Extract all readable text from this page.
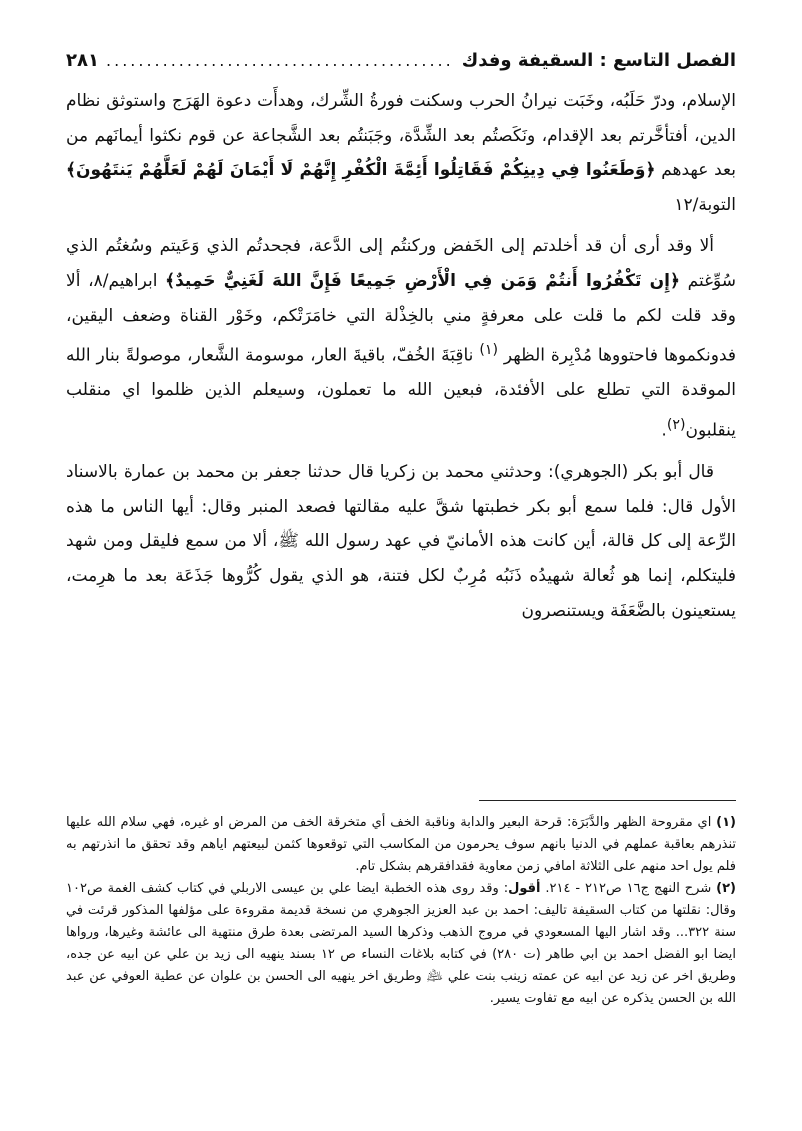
الفصل التاسع : السقيفة وفدك
.....
٢٨١

الإسلام، ودرّ حَلَبُه، وخَبَت نيرانُ الحرب وسكنت فورةُ الشِّرك، وهدأَت دعوة الهَرَج واستوثق نظام الدين، أفتأخَّرتم بعد الإقدام، ونَكَصتُم بعد الشِّدَّة، وجَبَنتُم بعد الشَّجاعة عن قوم نكثوا أيمانَهم من بعد عهدهم ﴿وَطَعَنُوا فِي دِينِكُمْ فَقَاتِلُوا أَئِمَّةَ الْكُفْرِ إِنَّهُمْ لَا أَيْمَانَ لَهُمْ لَعَلَّهُمْ يَنتَهُونَ﴾ التوبة/١٢

ألا وقد أرى أن قد أخلدتم إلى الخَفض وركنتُم إلى الدَّعة، فجحدتُم الذي وَعَيتم وسُغتُم الذي سُوِّغتم ﴿إِن تَكْفُرُوا أَنتُمْ وَمَن فِي الْأَرْضِ جَمِيعًا فَإِنَّ اللهَ لَغَنِيٌّ حَمِيدٌ﴾ ابراهيم/٨، ألا وقد قلت لكم ما قلت على معرفةٍ مني بالخِذْلة التي خامَرَتْكم، وخَوْر القناة وضعف اليقين، فدونكموها فاحتووها مُدْبِرة الظهر $^{(١)}$ ناقِبَةَ الخُفّ، باقيةَ العار، موسومة الشَّعار، موصولةً بنار الله الموقدة التي تطلع على الأفئدة، فبعين الله ما تعملون، وسيعلم الذين ظلموا اي منقلب ينقلبون$^{(٢)}$.

قال أبو بكر (الجوهري): وحدثني محمد بن زكريا قال حدثنا جعفر بن محمد بن عمارة بالاسناد الأول قال: فلما سمع أبو بكر خطبتها شقَّ عليه مقالتها فصعد المنبر وقال: أيها الناس ما هذه الرِّعة إلى كل قالة، أين كانت هذه الأمانيّ في عهد رسول الله ﷺ، ألا من سمع فليقل ومن شهد فليتكلم، إنما هو ثُعالة شهيدُه ذَنَبُه مُرِبٌ لكل فتنة، هو الذي يقول كُرُّوها جَذَعَة بعد ما هرِمت، يستعينون بالضَّعَفَة ويستنصرون

(١) اي مقروحة الظهر والدَّبَرَة: قرحة البعير والدابة وناقبة الخف أي متخرقة الخف من المرض او غيره، فهي سلام الله عليها تنذرهم بعاقبة عملهم في الدنيا بانهم سوف يحرمون من المكاسب التي توقعوها كثمن لبيعتهم اياهم وقد تحقق ما انذرتهم به فلم يول احد منهم على الثلاثة امافي زمن معاوية فقدافقرهم بشكل تام.

(٢) شرح النهج ج١٦ ص٢١٢ - ٢١٤. أقول: وقد روى هذه الخطبة ايضا علي بن عيسى الاربلي في كتاب كشف الغمة ص١٠٢ وقال: نقلتها من كتاب السقيفة تاليف: احمد بن عبد العزيز الجوهري من نسخة قديمة مقروءة على مؤلفها المذكور قرئت في سنة ٣٢٢... وقد اشار اليها المسعودي في مروج الذهب وذكرها السيد المرتضى بعدة طرق منتهية الى عائشة وغيرها، ورواها ايضا ابو الفضل احمد بن ابي طاهر (ت ٢٨٠) في كتابه بلاغات النساء ص ١٢ بسند ينهيه الى زيد بن علي عن ابيه عن جده، وطريق اخر عن زيد عن ابيه عن عمته زينب بنت علي ﵇ وطريق اخر ينهيه الى الحسن بن علوان عن عطية العوفي عن عبد الله بن الحسن يذكره عن ابيه مع تفاوت يسير.
